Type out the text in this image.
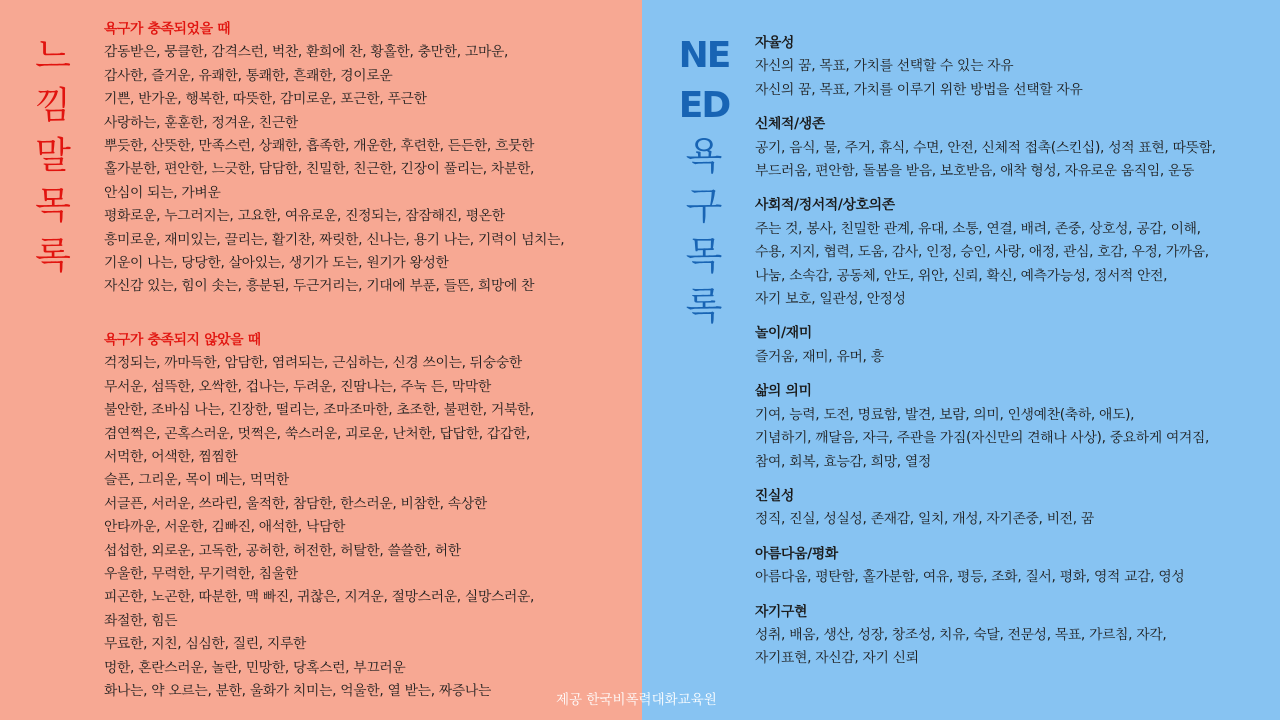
느
낌
말
목
록
욕구가 충족되었을 때
감동받은, 뭉클한, 감격스런, 벅찬, 환희에 찬, 황홀한, 충만한, 고마운,
감사한, 즐거운, 유쾌한, 통쾌한, 흔쾌한, 경이로운
기쁜, 반가운, 행복한, 따뜻한, 감미로운, 포근한, 푸근한
사랑하는, 훈훈한, 정겨운, 친근한
뿌듯한, 산뜻한, 만족스런, 상쾌한, 흡족한, 개운한, 후련한, 든든한, 흐뭇한
홀가분한, 편안한, 느긋한, 담담한, 친밀한, 친근한, 긴장이 풀리는, 차분한,
안심이 되는, 가벼운
평화로운, 누그러지는, 고요한, 여유로운, 진정되는, 잠잠해진, 평온한
흥미로운, 재미있는, 끌리는, 활기찬, 짜릿한, 신나는, 용기 나는, 기력이 넘치는,
기운이 나는, 당당한, 살아있는, 생기가 도는, 원기가 왕성한
자신감 있는, 힘이 솟는, 흥분된, 두근거리는, 기대에 부푼, 들뜬, 희망에 찬
욕구가 충족되지 않았을 때
걱정되는, 까마득한, 암담한, 염려되는, 근심하는, 신경 쓰이는, 뒤숭숭한
무서운, 섬뜩한, 오싹한, 겁나는, 두려운, 진땀나는, 주눅 든, 막막한
불안한, 조바심 나는, 긴장한, 떨리는, 조마조마한, 초조한, 불편한, 거북한,
겸연쩍은, 곤혹스러운, 멋쩍은, 쑥스러운, 괴로운, 난처한, 답답한, 갑갑한,
서먹한, 어색한, 찜찜한
슬픈, 그리운, 목이 메는, 먹먹한
서글픈, 서러운, 쓰라린, 울적한, 참담한, 한스러운, 비참한, 속상한
안타까운, 서운한, 김빠진, 애석한, 낙담한
섭섭한, 외로운, 고독한, 공허한, 허전한, 허탈한, 쓸쓸한, 허한
우울한, 무력한, 무기력한, 침울한
피곤한, 노곤한, 따분한, 맥 빠진, 귀찮은, 지겨운, 절망스러운, 실망스러운,
좌절한, 힘든
무료한, 지친, 심심한, 질린, 지루한
멍한, 혼란스러운, 놀란, 민망한, 당혹스런, 부끄러운
화나는, 약 오르는, 분한, 울화가 치미는, 억울한, 열 받는, 짜증나는
NE
ED
욕
구
목
록
자율성
자신의 꿈, 목표, 가치를 선택할 수 있는 자유
자신의 꿈, 목표, 가치를 이루기 위한 방법을 선택할 자유
신체적/생존
공기, 음식, 물, 주거, 휴식, 수면, 안전, 신체적 접촉(스킨십), 성적 표현, 따뜻함,
부드러움, 편안함, 돌봄을 받음, 보호받음, 애착 형성, 자유로운 움직임, 운동
사회적/정서적/상호의존
주는 것, 봉사, 친밀한 관계, 유대, 소통, 연결, 배려, 존중, 상호성, 공감, 이해,
수용, 지지, 협력, 도움, 감사, 인정, 승인, 사랑, 애정, 관심, 호감, 우정, 가까움,
나눔, 소속감, 공동체, 안도, 위안, 신뢰, 확신, 예측가능성, 정서적 안전,
자기 보호, 일관성, 안정성
놀이/재미
즐거움, 재미, 유머, 흥
삶의 의미
기여, 능력, 도전, 명료함, 발견, 보람, 의미, 인생예찬(축하, 애도),
기념하기, 깨달음, 자극, 주관을 가짐(자신만의 견해나 사상), 중요하게 여겨짐,
참여, 회복, 효능감, 희망, 열정
진실성
정직, 진실, 성실성, 존재감, 일치, 개성, 자기존중, 비전, 꿈
아름다움/평화
아름다움, 평탄함, 홀가분함, 여유, 평등, 조화, 질서, 평화, 영적 교감, 영성
자기구현
성취, 배움, 생산, 성장, 창조성, 치유, 숙달, 전문성, 목표, 가르침, 자각,
자기표현, 자신감, 자기 신뢰
제공 한국비폭력대화교육원
